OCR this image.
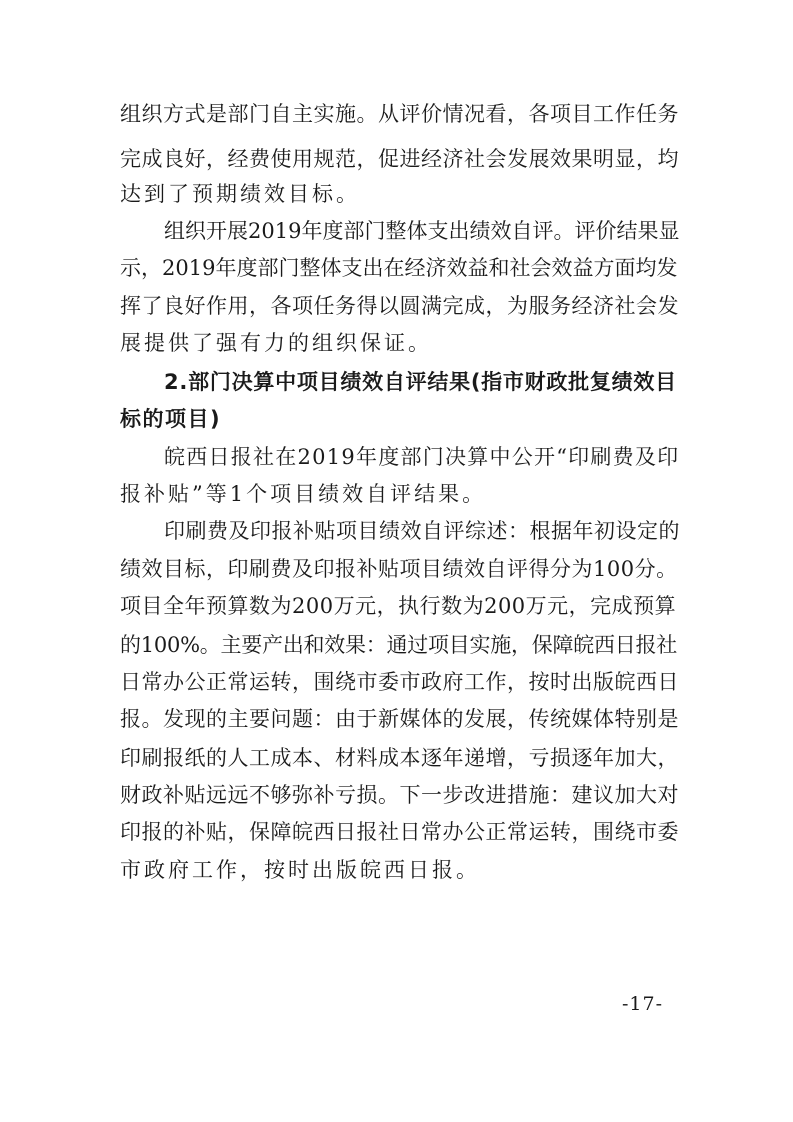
组织方式是部门自主实施。从评价情况看，各项目工作任务

完成良好，经费使用规范，促进经济社会发展效果明显，均

达到了预期绩效目标。

组织开展2019年度部门整体支出绩效自评。评价结果显

示，2019年度部门整体支出在经济效益和社会效益方面均发

挥了良好作用，各项任务得以圆满完成，为服务经济社会发

展提供了强有力的组织保证。

2.部门决算中项目绩效自评结果(指市财政批复绩效目

标的项目)

皖西日报社在2019年度部门决算中公开“印刷费及印

报补贴”等1个项目绩效自评结果。

印刷费及印报补贴项目绩效自评综述：根据年初设定的

绩效目标，印刷费及印报补贴项目绩效自评得分为100分。

项目全年预算数为200万元，执行数为200万元，完成预算

的100%。主要产出和效果：通过项目实施，保障皖西日报社

日常办公正常运转，围绕市委市政府工作，按时出版皖西日

报。发现的主要问题：由于新媒体的发展，传统媒体特别是

印刷报纸的人工成本、材料成本逐年递增，亏损逐年加大，

财政补贴远远不够弥补亏损。下一步改进措施：建议加大对

印报的补贴，保障皖西日报社日常办公正常运转，围绕市委

市政府工作，按时出版皖西日报。

-17-
